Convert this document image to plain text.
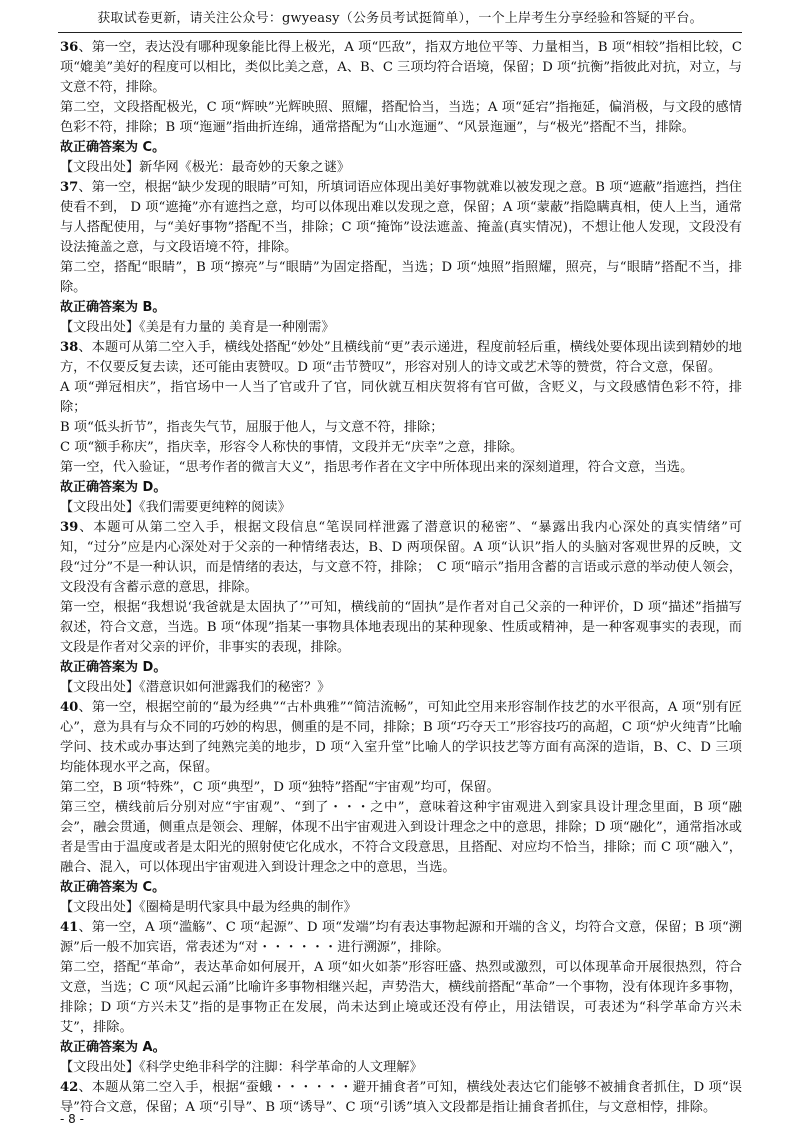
获取试卷更新，请关注公众号：gwyeasy（公务员考试挺简单），一个上岸考生分享经验和答疑的平台。

36、第一空，表达没有哪种现象能比得上极光，A 项“匹敌”，指双方地位平等、力量相当，B 项“相较”指相比较，C 项“媲美”美好的程度可以相比，类似比美之意，A、B、C 三项均符合语境，保留；D 项“抗衡”指彼此对抗，对立，与文意不符，排除。

第二空，文段搭配极光，C 项“辉映”光辉映照、照耀，搭配恰当，当选；A 项“延宕”指拖延，偏消极，与文段的感情色彩不符，排除；B 项“迤逦”指曲折连绵，通常搭配为“山水迤逦”、“风景迤逦”，与“极光”搭配不当，排除。

故正确答案为 C。

【文段出处】新华网《极光：最奇妙的天象之谜》

37、第一空，根据“缺少发现的眼睛”可知，所填词语应体现出美好事物就难以被发现之意。B 项“遮蔽”指遮挡，挡住使看不到， D 项“遮掩”亦有遮挡之意，均可以体现出难以发现之意，保留；A 项“蒙蔽”指隐瞒真相，使人上当，通常与人搭配使用，与“美好事物”搭配不当，排除；C 项“掩饰”设法遮盖、掩盖(真实情况)，不想让他人发现，文段没有设法掩盖之意，与文段语境不符，排除。

第二空，搭配“眼睛”，B 项“擦亮”与“眼睛”为固定搭配，当选；D 项“烛照”指照耀，照亮，与“眼睛”搭配不当，排除。

故正确答案为 B。

【文段出处】《美是有力量的 美育是一种刚需》

38、本题可从第二空入手，横线处搭配“妙处”且横线前“更”表示递进，程度前轻后重，横线处要体现出读到精妙的地方，不仅要反复去读，还可能由衷赞叹。D 项“击节赞叹”，形容对别人的诗文或艺术等的赞赏，符合文意，保留。

A 项“弹冠相庆”，指官场中一人当了官或升了官，同伙就互相庆贺将有官可做，含贬义，与文段感情色彩不符，排除；

B 项“低头折节”，指丧失气节，屈服于他人，与文意不符，排除；

C 项“额手称庆”，指庆幸，形容令人称快的事情，文段并无“庆幸”之意，排除。

第一空，代入验证，“思考作者的微言大义”，指思考作者在文字中所体现出来的深刻道理，符合文意，当选。

故正确答案为 D。

【文段出处】《我们需要更纯粹的阅读》

39、本题可从第二空入手，根据文段信息“笔误同样泄露了潜意识的秘密”、“暴露出我内心深处的真实情绪”可知，“过分”应是内心深处对于父亲的一种情绪表达，B、D 两项保留。A 项“认识”指人的头脑对客观世界的反映，文段“过分”不是一种认识，而是情绪的表达，与文意不符，排除；　C 项“暗示”指用含蓄的言语或示意的举动使人领会，文段没有含蓄示意的意思，排除。

第一空，根据“我想说‘我爸就是太固执了’”可知，横线前的“固执”是作者对自己父亲的一种评价，D 项“描述”指描写叙述，符合文意，当选。B 项“体现”指某一事物具体地表现出的某种现象、性质或精神，是一种客观事实的表现，而文段是作者对父亲的评价，非事实的表现，排除。

故正确答案为 D。

【文段出处】《潜意识如何泄露我们的秘密？》

40、第一空，根据空前的“最为经典”“古朴典雅”“简洁流畅”，可知此空用来形容制作技艺的水平很高，A 项“别有匠心”，意为具有与众不同的巧妙的构思，侧重的是不同，排除；B 项“巧夺天工”形容技巧的高超，C 项“炉火纯青”比喻学问、技术或办事达到了纯熟完美的地步，D 项“入室升堂”比喻人的学识技艺等方面有高深的造诣，B、C、D 三项均能体现水平之高，保留。

第二空，B 项“特殊”，C 项“典型”，D 项“独特”搭配“宇宙观”均可，保留。

第三空，横线前后分别对应“宇宙观”、“到了・・・之中”，意味着这种宇宙观进入到家具设计理念里面，B 项“融会”，融会贯通，侧重点是领会、理解，体现不出宇宙观进入到设计理念之中的意思，排除；D 项“融化”，通常指冰或者是雪由于温度或者是太阳光的照射使它化成水，不符合文段意思，且搭配、对应均不恰当，排除；而 C 项“融入”，融合、混入，可以体现出宇宙观进入到设计理念之中的意思，当选。

故正确答案为 C。

【文段出处】《圈椅是明代家具中最为经典的制作》

41、第一空，A 项“滥觞”、C 项“起源”、D 项“发端”均有表达事物起源和开端的含义，均符合文意，保留；B 项“溯源”后一般不加宾语，常表述为“对・・・・・・进行溯源”，排除。

第二空，搭配“革命”，表达革命如何展开，A 项“如火如荼”形容旺盛、热烈或激烈，可以体现革命开展很热烈，符合文意，当选；C 项“风起云涌”比喻许多事物相继兴起，声势浩大，横线前搭配“革命”一个事物，没有体现许多事物，排除；D 项“方兴未艾”指的是事物正在发展，尚未达到止境或还没有停止，用法错误，可表述为“科学革命方兴未艾”，排除。

故正确答案为 A。

【文段出处】《科学史绝非科学的注脚：科学革命的人文理解》

42、本题从第二空入手，根据“蚕蛾・・・・・・避开捕食者”可知，横线处表达它们能够不被捕食者抓住，D 项“误导”符合文意，保留；A 项“引导”、B 项“诱导”、C 项“引诱”填入文段都是指让捕食者抓住，与文意相悖，排除。

- 8 -
